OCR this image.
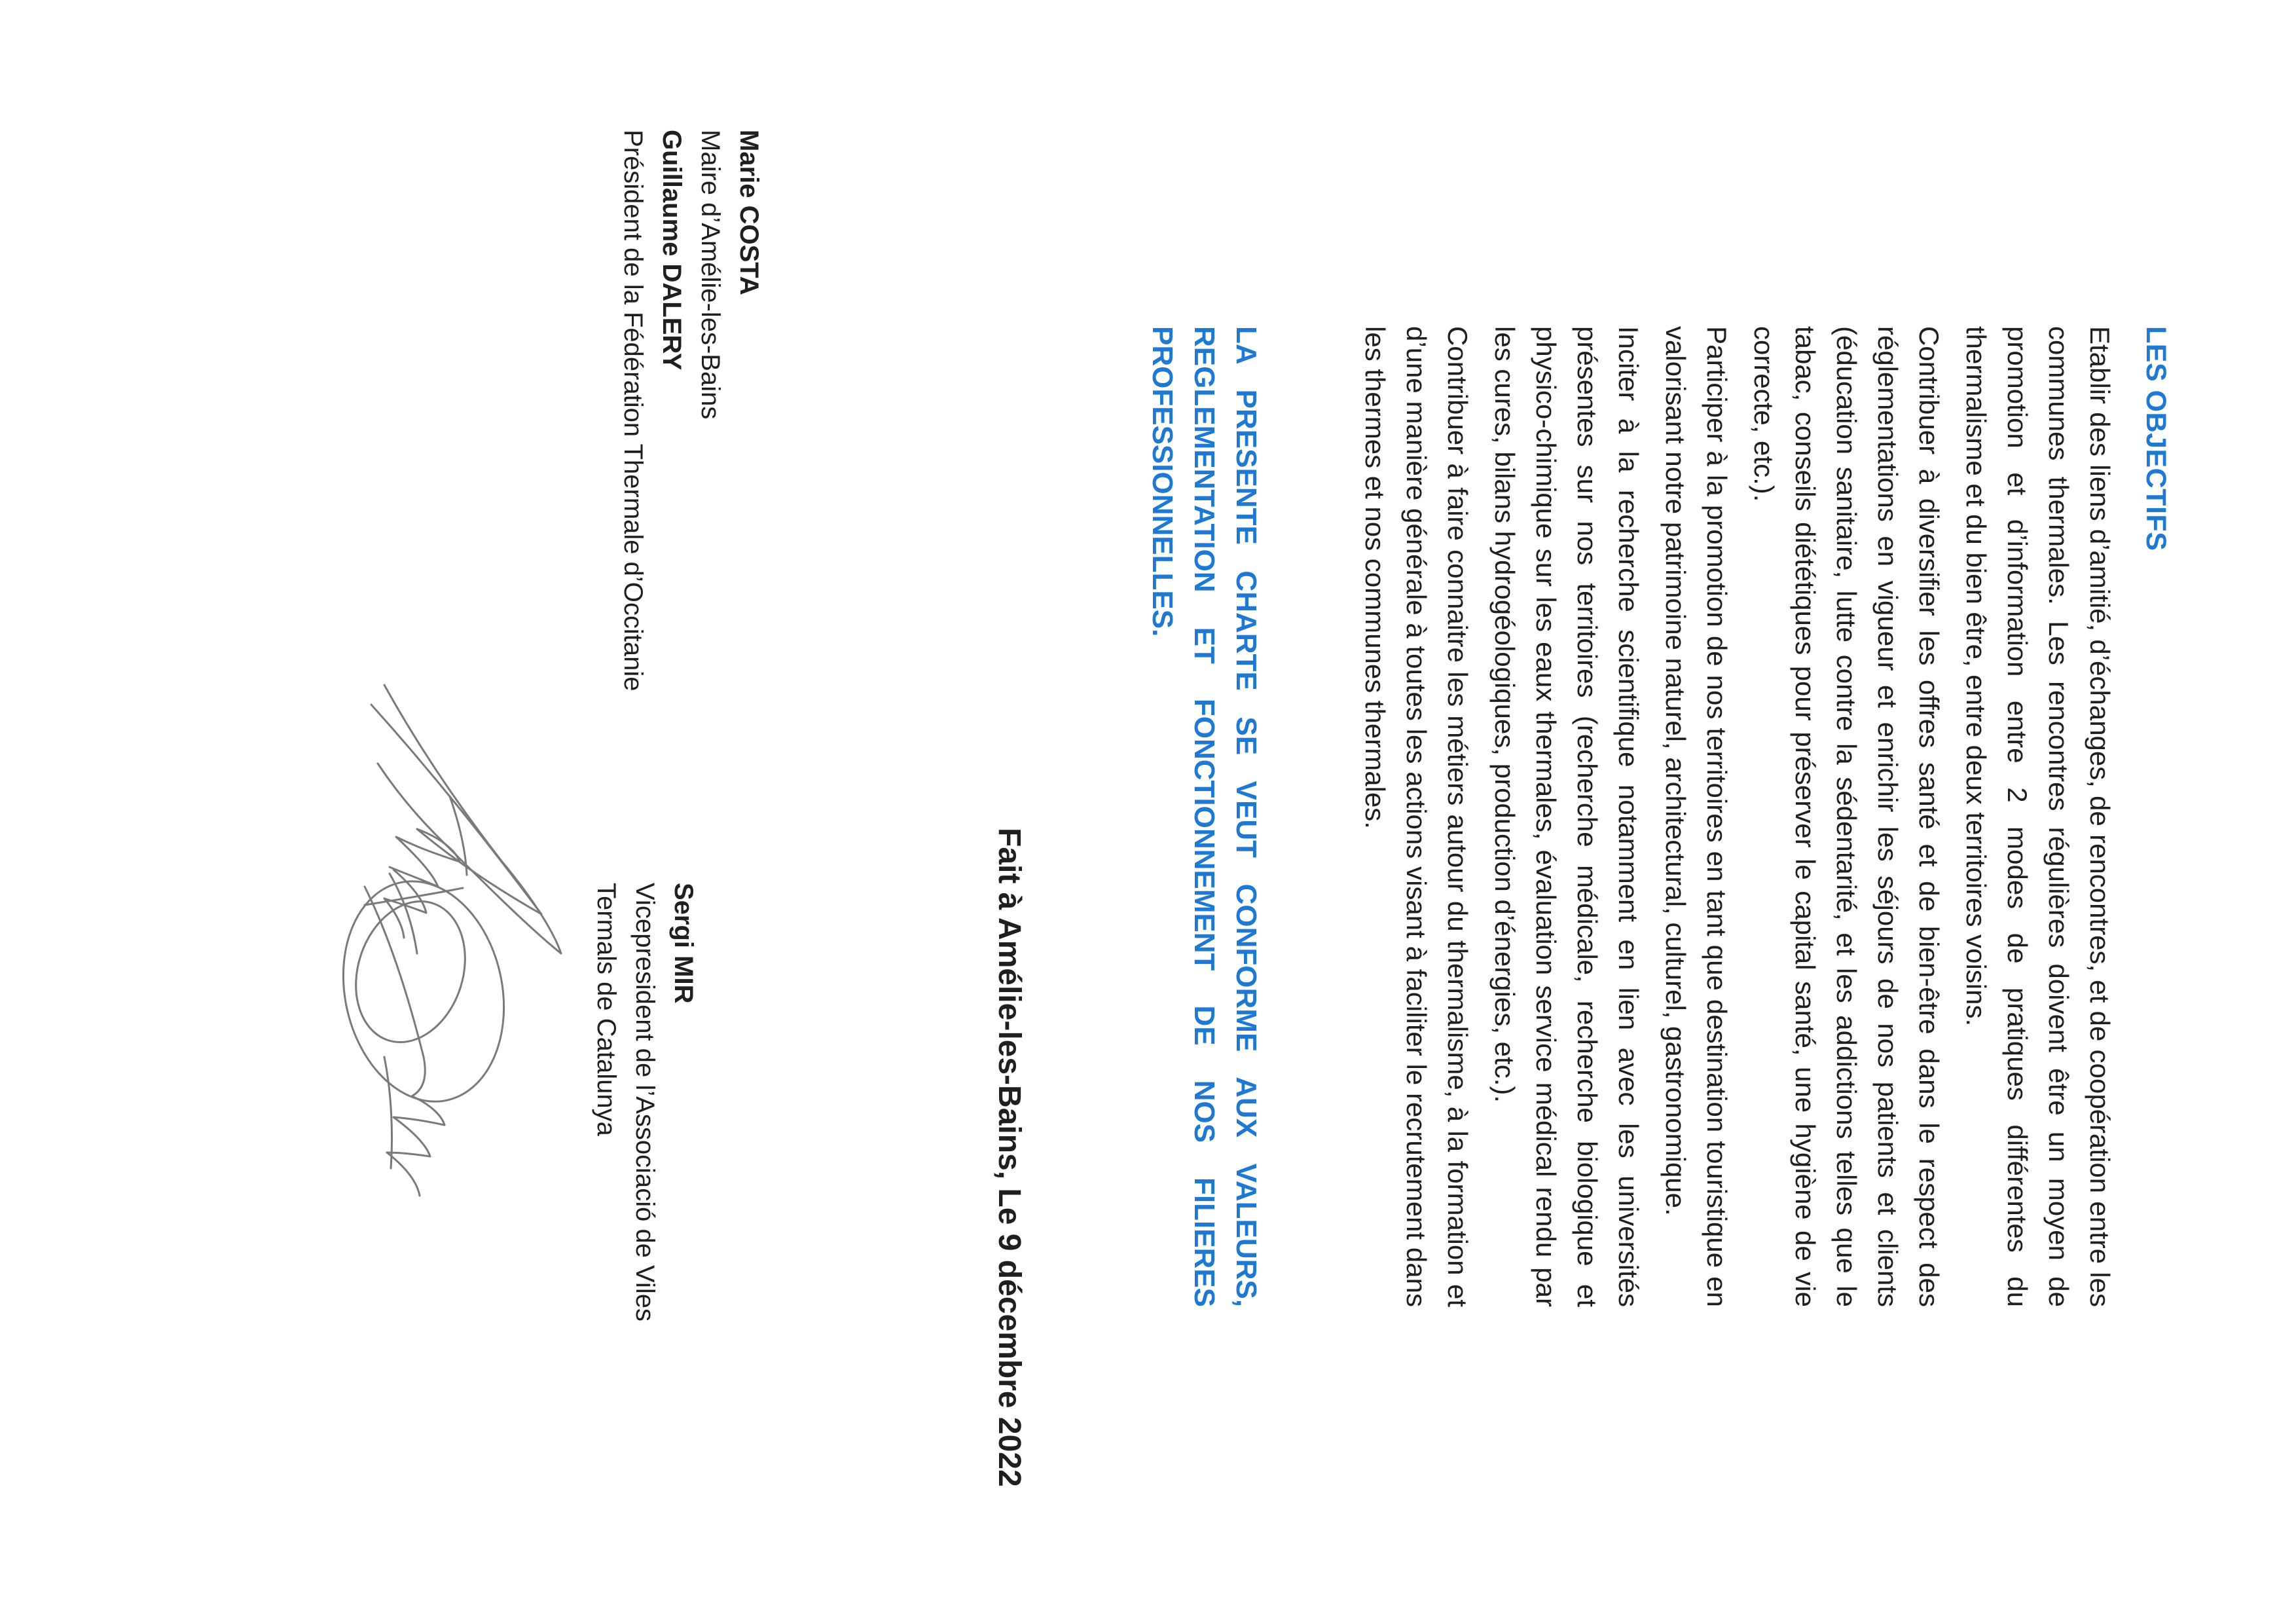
LES OBJECTIFS

Etablir des liens d’amitié, d’échanges, de rencontres, et de coopération entre les communes thermales. Les rencontres régulières doivent être un moyen de promotion et d’information entre 2 modes de pratiques différentes du thermalisme et du bien être, entre deux territoires voisins.

Contribuer à diversifier les offres santé et de bien-être dans le respect des réglementations en vigueur et enrichir les séjours de nos patients et clients (éducation sanitaire, lutte contre la sédentarité, et les addictions telles que le tabac, conseils diététiques pour préserver le capital santé, une hygiène de vie correcte, etc.).

Participer à la promotion de nos territoires en tant que destination touristique en valorisant notre patrimoine naturel, architectural, culturel, gastronomique.

Inciter à la recherche scientifique notamment en lien avec les universités présentes sur nos territoires (recherche médicale, recherche biologique et physico-chimique sur les eaux thermales, évaluation service médical rendu par les cures, bilans hydrogéologiques, production d’énergies, etc.).

Contribuer à faire connaitre les métiers autour du thermalisme, à la formation et d’une manière générale à toutes les actions visant à faciliter le recrutement dans les thermes et nos communes thermales.

LA PRESENTE CHARTE SE VEUT CONFORME AUX VALEURS, REGLEMENTATION ET FONCTIONNEMENT DE NOS FILIERES PROFESSIONNELLES.

Fait à Amélie-les-Bains, Le 9 décembre 2022

Marie COSTA
Maire d’Amélie-les-Bains
Guillaume DALERY
Président de la Fédération Thermale d’Occitanie
Sergi MIR
Vicepresident de l’Associació de Viles Termals de Catalunya
